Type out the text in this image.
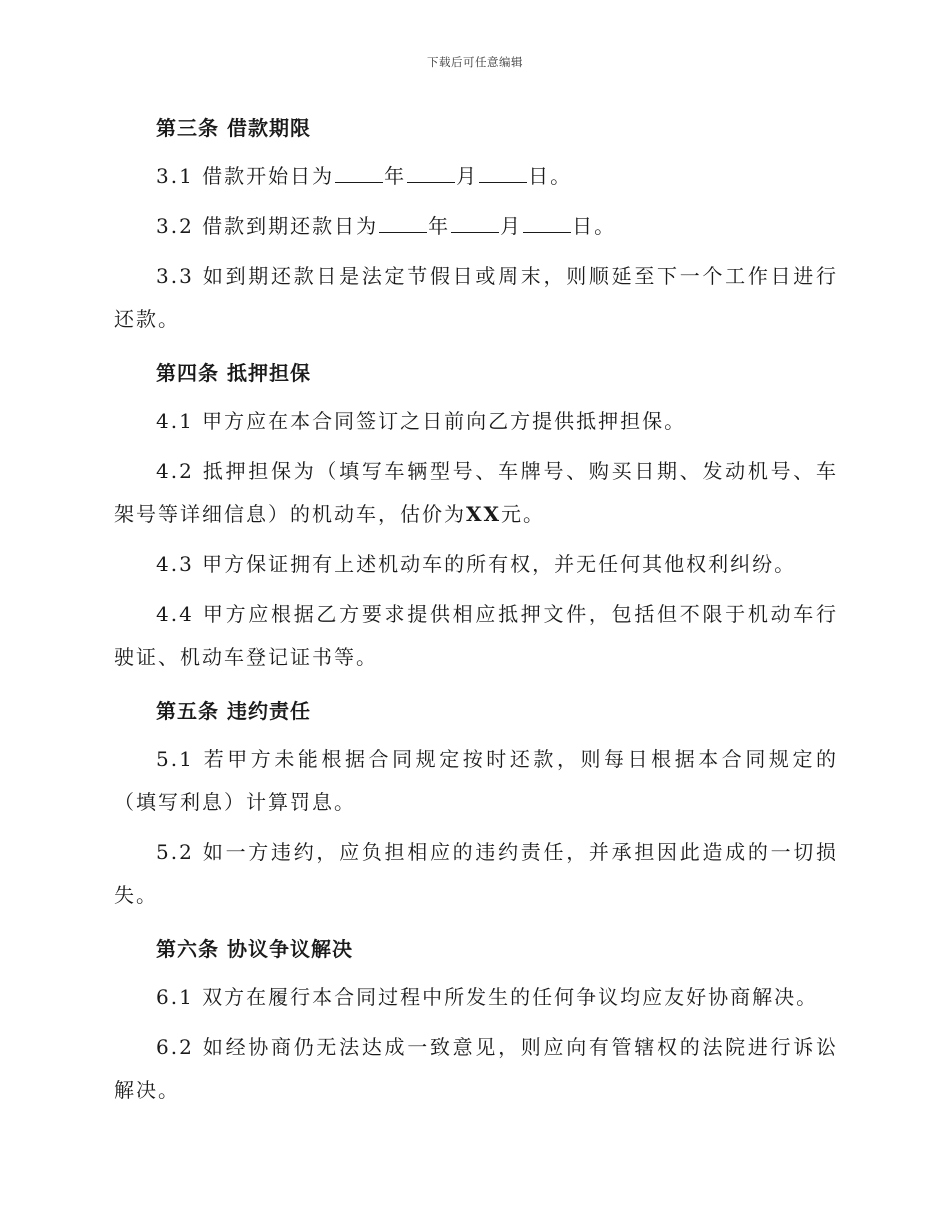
下载后可任意编辑
第三条 借款期限

3.1 借款开始日为	年	月	日。

3.2 借款到期还款日为	年	月	日。

3.3 如到期还款日是法定节假日或周末，则顺延至下一个工作日进行还款。

第四条 抵押担保

4.1 甲方应在本合同签订之日前向乙方提供抵押担保。

4.2 抵押担保为（填写车辆型号、车牌号、购买日期、发动机号、车架号等详细信息）的机动车，估价为XX元。

4.3 甲方保证拥有上述机动车的所有权，并无任何其他权利纠纷。

4.4 甲方应根据乙方要求提供相应抵押文件，包括但不限于机动车行驶证、机动车登记证书等。

第五条 违约责任

5.1 若甲方未能根据合同规定按时还款，则每日根据本合同规定的（填写利息）计算罚息。

5.2 如一方违约，应负担相应的违约责任，并承担因此造成的一切损失。

第六条 协议争议解决

6.1 双方在履行本合同过程中所发生的任何争议均应友好协商解决。

6.2 如经协商仍无法达成一致意见，则应向有管辖权的法院进行诉讼解决。
